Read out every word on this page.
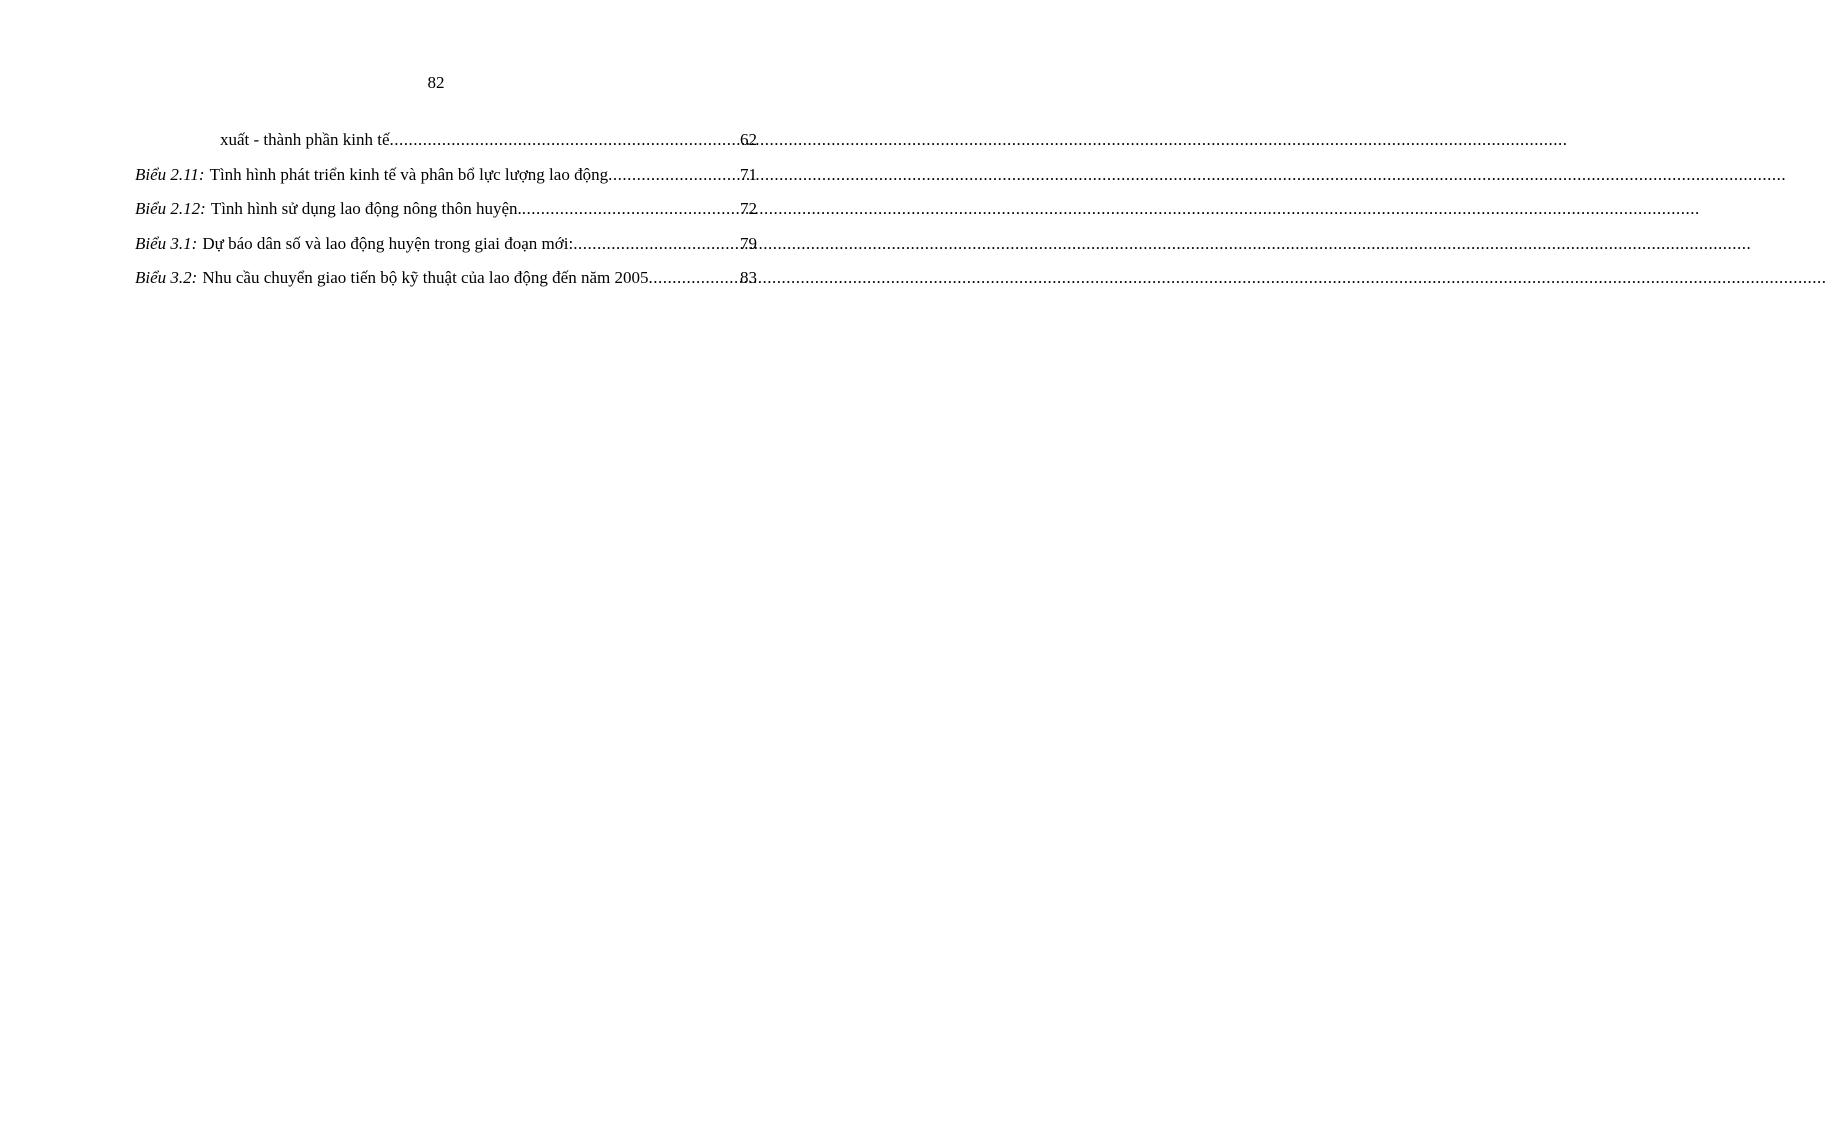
82
xuất - thành phần kinh tế .....	62
Biểu 2.11: Tình hình phát triển kinh tế và phân bổ lực lượng lao động .....	71
Biểu 2.12: Tình hình sử dụng lao động nông thôn huyện. .....	72
Biểu 3.1: Dự báo dân số và lao động huyện trong giai đoạn mới: .....	79
Biểu 3.2: Nhu cầu chuyển giao tiến bộ kỹ thuật của lao động đến năm 2005 .....	83
